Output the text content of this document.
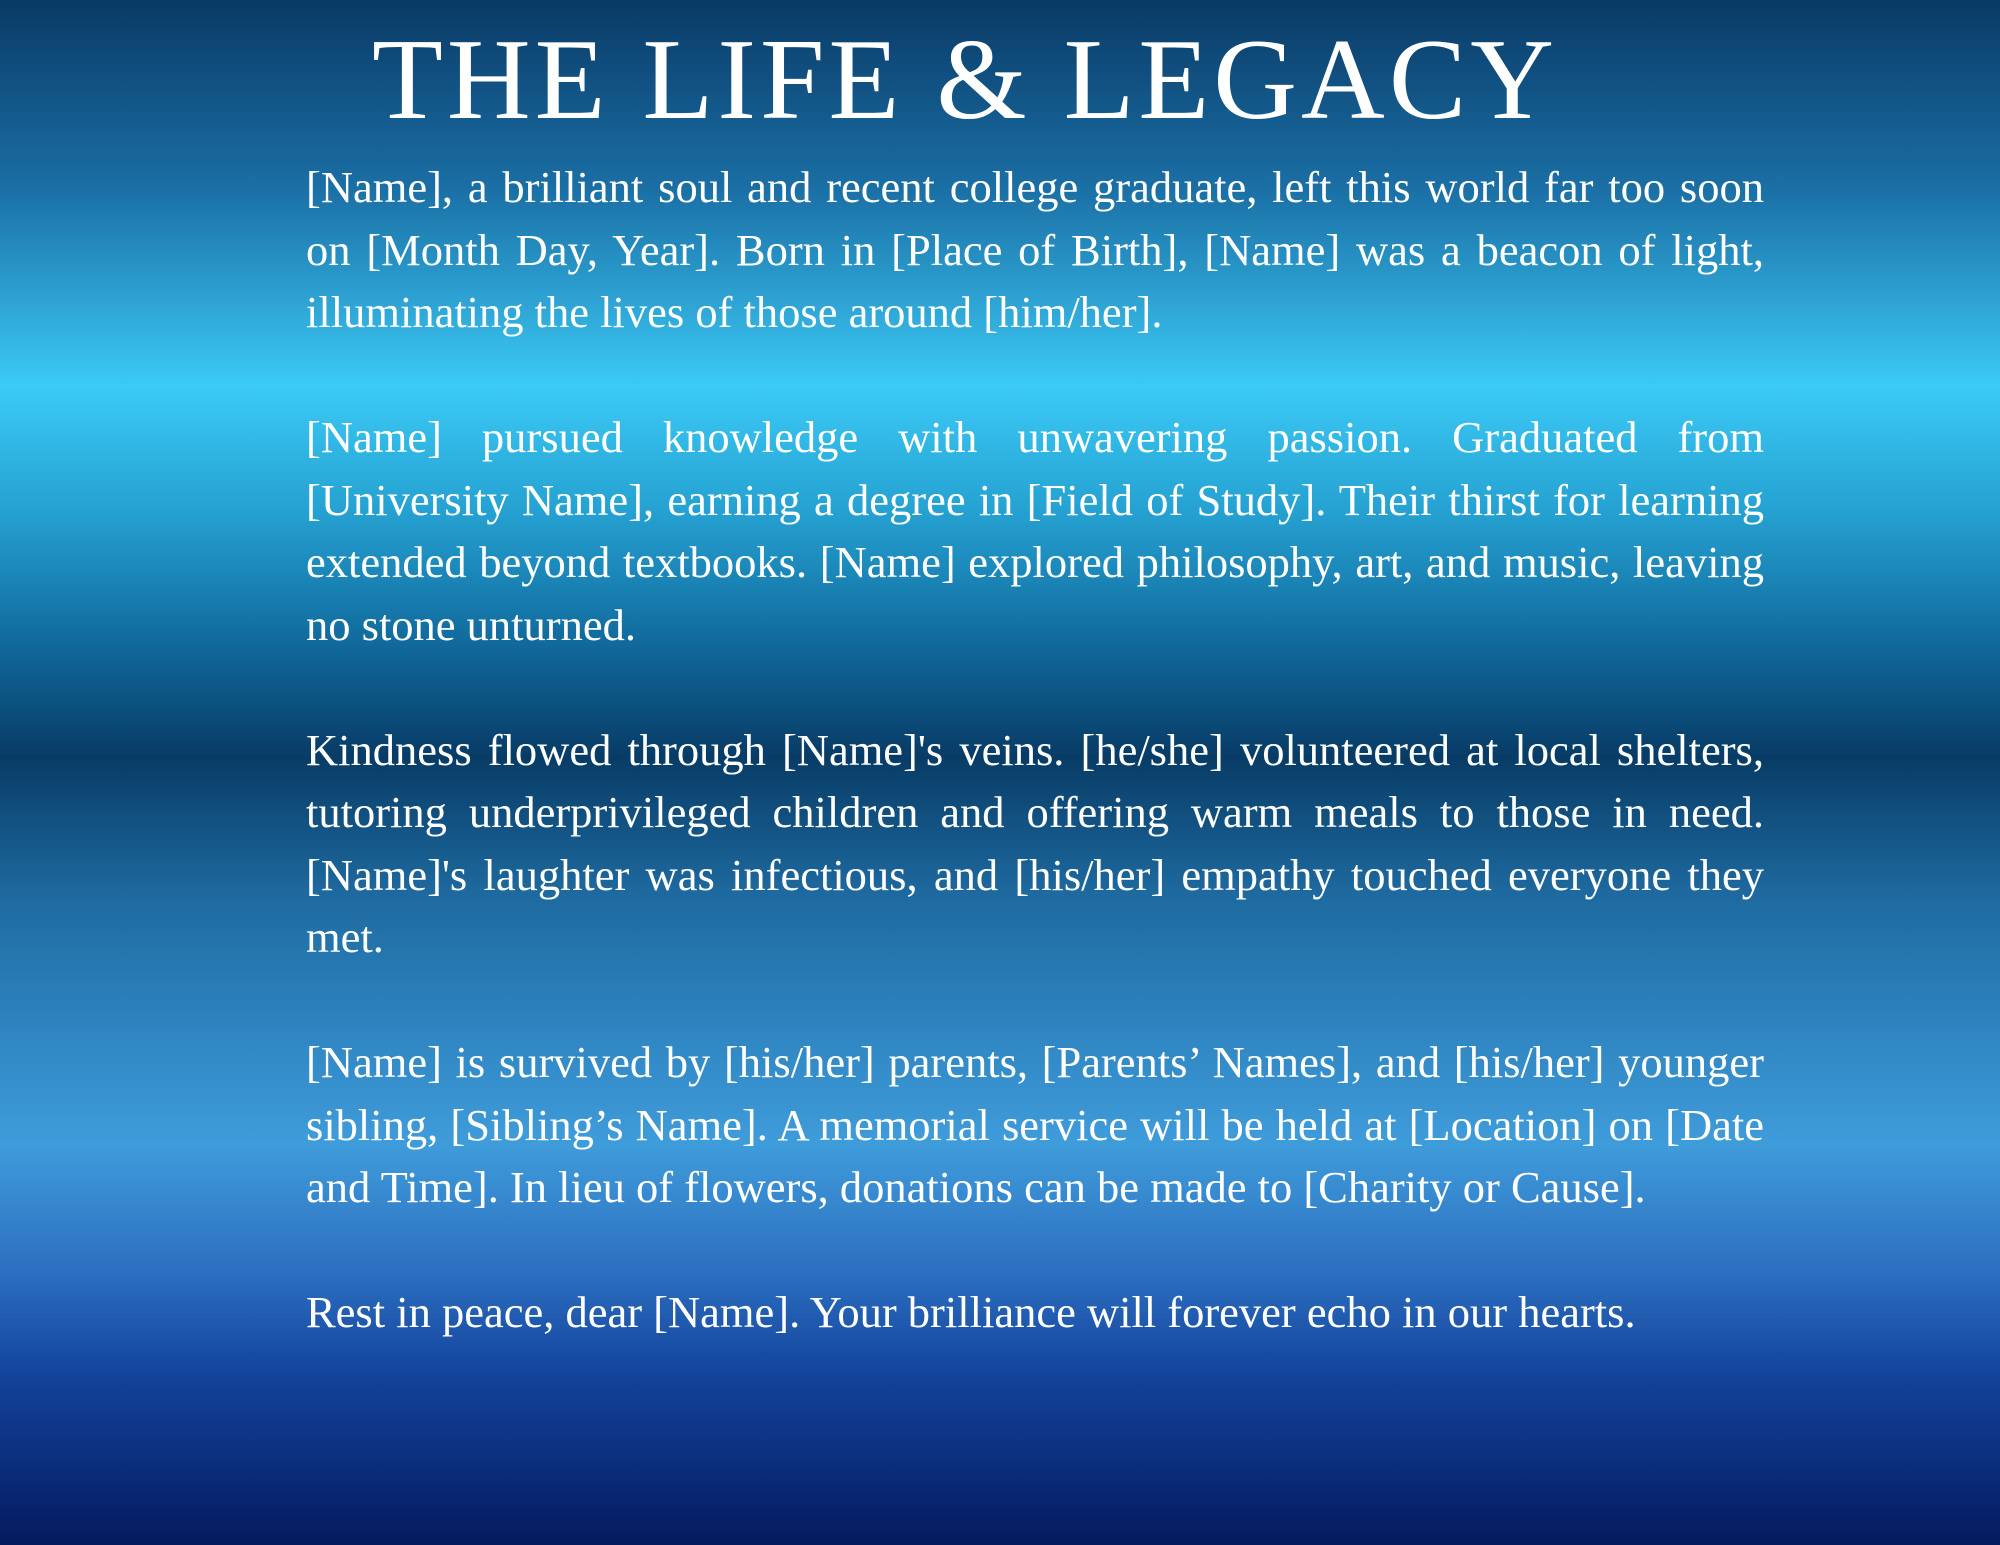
THE LIFE & LEGACY

[Name], a brilliant soul and recent college graduate, left this world far too soon on [Month Day, Year]. Born in [Place of Birth], [Name] was a beacon of light, illuminating the lives of those around [him/her].

[Name] pursued knowledge with unwavering passion. Graduated from [University Name], earning a degree in [Field of Study]. Their thirst for learning extended beyond textbooks. [Name] explored philosophy, art, and music, leaving no stone unturned.

Kindness flowed through [Name]'s veins. [he/she] volunteered at local shelters, tutoring underprivileged children and offering warm meals to those in need. [Name]'s laughter was infectious, and [his/her] empathy touched everyone they met.

[Name] is survived by [his/her] parents, [Parents’ Names], and [his/her] younger sibling, [Sibling’s Name]. A memorial service will be held at [Location] on [Date and Time]. In lieu of flowers, donations can be made to [Charity or Cause].

Rest in peace, dear [Name]. Your brilliance will forever echo in our hearts.
